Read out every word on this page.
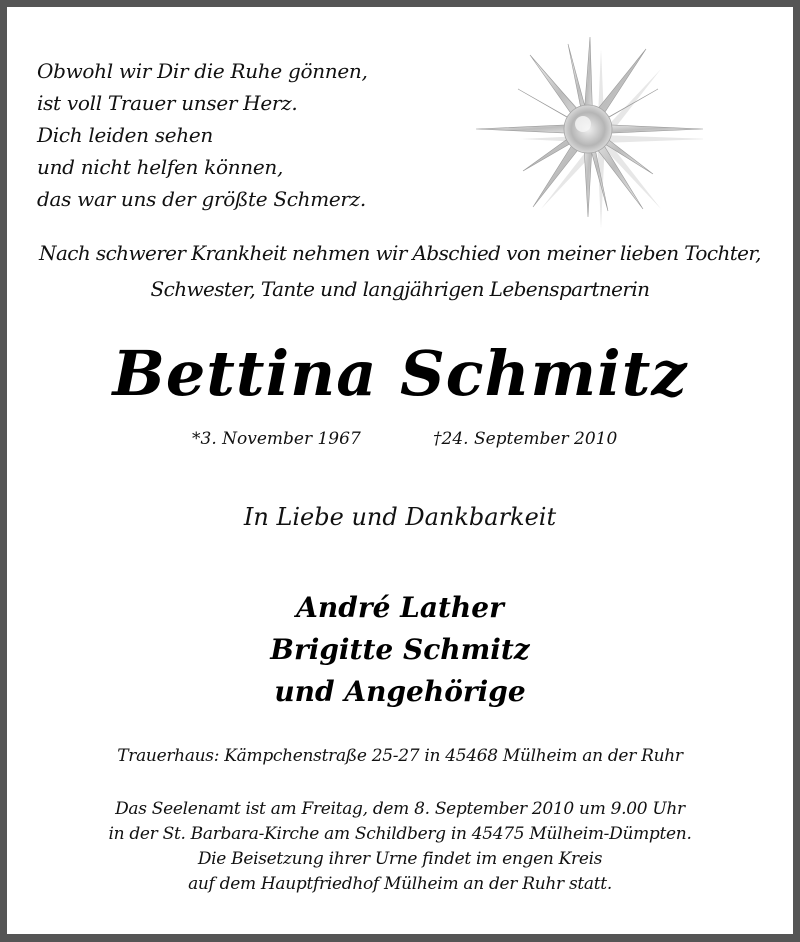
Obwohl wir Dir die Ruhe gönnen,
ist voll Trauer unser Herz.
Dich leiden sehen
und nicht helfen können,
das war uns der größte Schmerz.
Nach schwerer Krankheit nehmen wir Abschied von meiner lieben Tochter,
Schwester, Tante und langjährigen Lebenspartnerin
Bettina Schmitz
*3. November 1967	†24. September 2010
In Liebe und Dankbarkeit
André Lather
Brigitte Schmitz
und Angehörige
Trauerhaus: Kämpchenstraße 25-27 in 45468 Mülheim an der Ruhr
Das Seelenamt ist am Freitag, dem 8. September 2010 um 9.00 Uhr
in der St. Barbara-Kirche am Schildberg in 45475 Mülheim-Dümpten.
Die Beisetzung ihrer Urne findet im engen Kreis
auf dem Hauptfriedhof Mülheim an der Ruhr statt.
